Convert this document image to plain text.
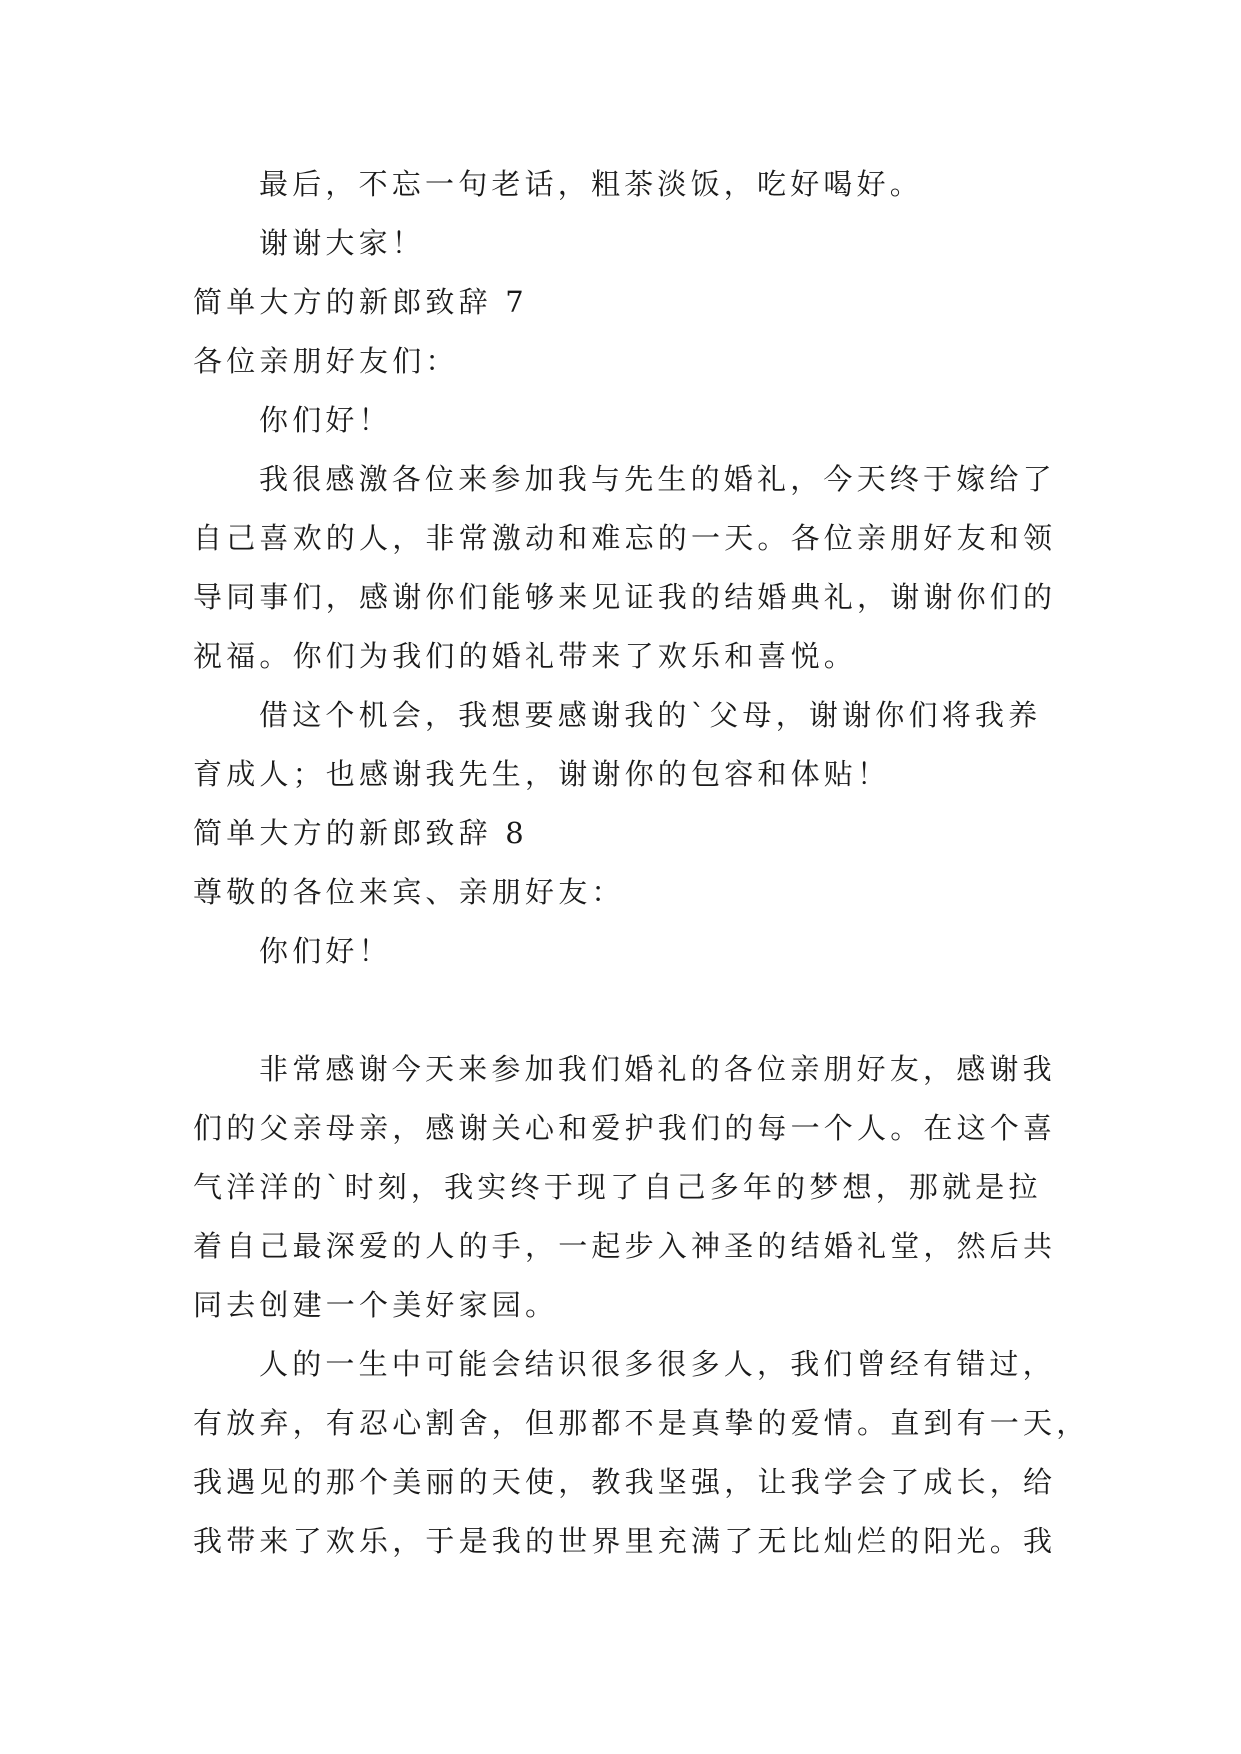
最后，不忘一句老话，粗茶淡饭，吃好喝好。
谢谢大家！
简单大方的新郎致辞 7
各位亲朋好友们：
你们好！
我很感激各位来参加我与先生的婚礼，今天终于嫁给了
自己喜欢的人，非常激动和难忘的一天。各位亲朋好友和领
导同事们，感谢你们能够来见证我的结婚典礼，谢谢你们的
祝福。你们为我们的婚礼带来了欢乐和喜悦。
借这个机会，我想要感谢我的`父母，谢谢你们将我养
育成人；也感谢我先生，谢谢你的包容和体贴！
简单大方的新郎致辞 8
尊敬的各位来宾、亲朋好友：
你们好！
非常感谢今天来参加我们婚礼的各位亲朋好友，感谢我
们的父亲母亲，感谢关心和爱护我们的每一个人。在这个喜
气洋洋的`时刻，我实终于现了自己多年的梦想，那就是拉
着自己最深爱的人的手，一起步入神圣的结婚礼堂，然后共
同去创建一个美好家园。
人的一生中可能会结识很多很多人，我们曾经有错过，
有放弃，有忍心割舍，但那都不是真挚的爱情。直到有一天，
我遇见的那个美丽的天使，教我坚强，让我学会了成长，给
我带来了欢乐，于是我的世界里充满了无比灿烂的阳光。我
